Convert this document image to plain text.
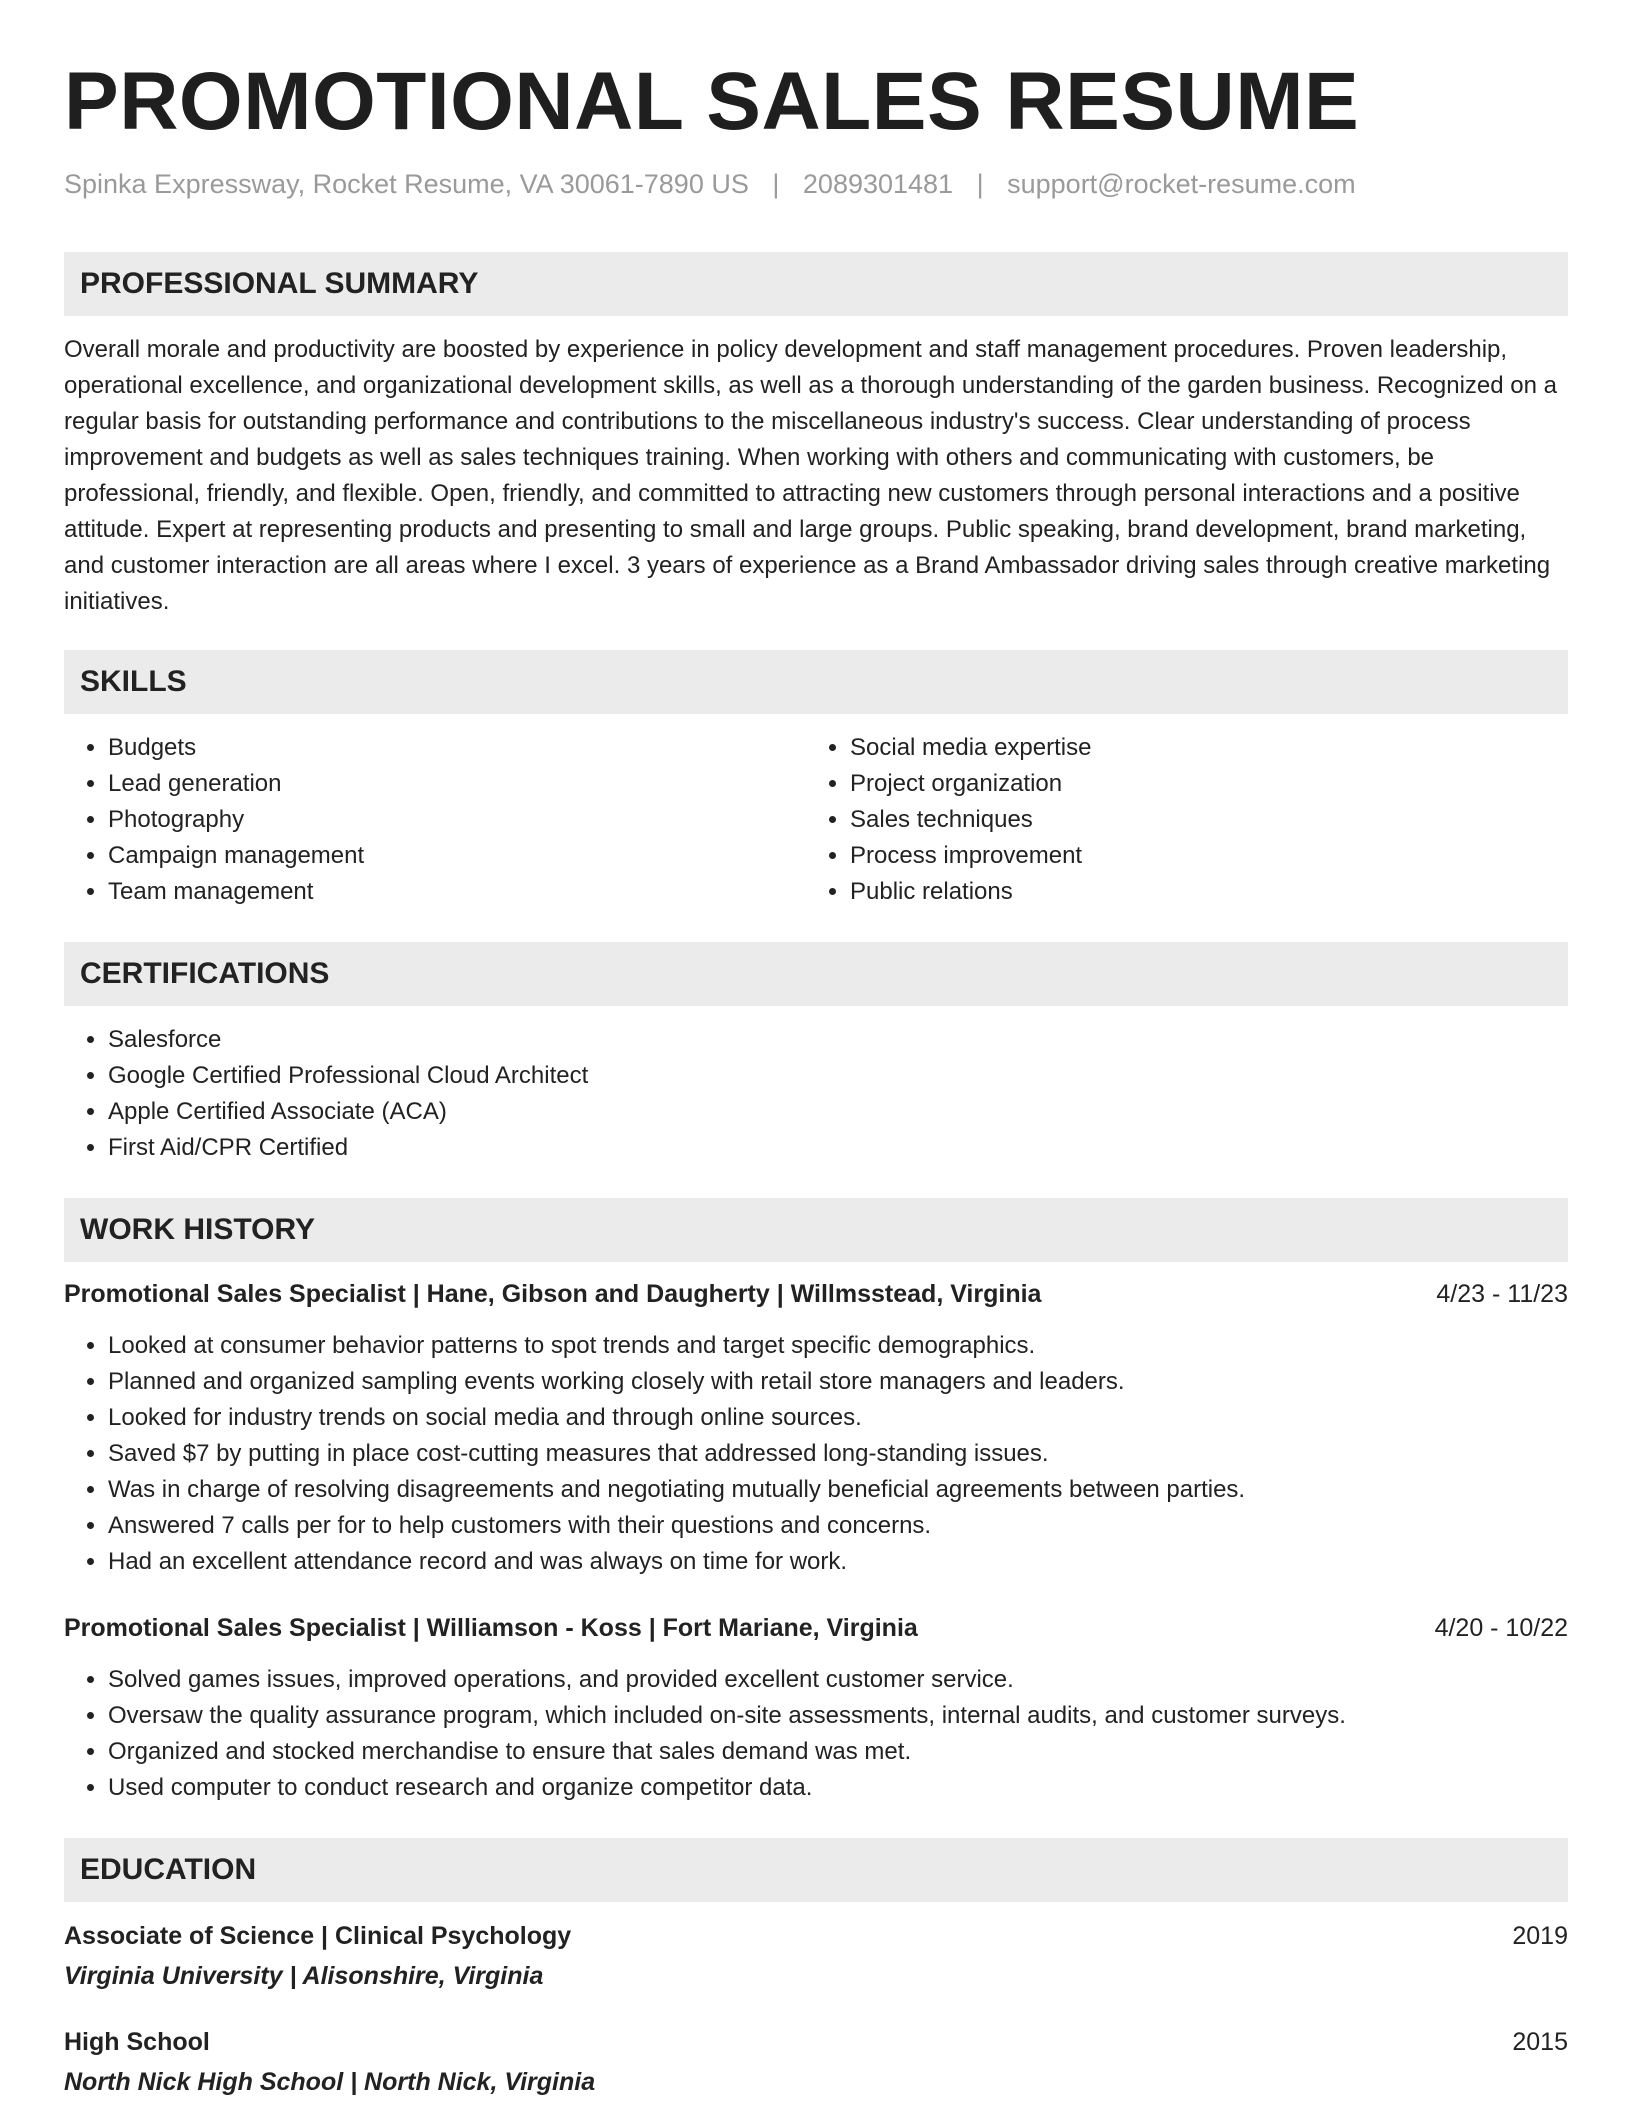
PROMOTIONAL SALES RESUME
Spinka Expressway, Rocket Resume, VA 30061-7890 US | 2089301481 | support@rocket-resume.com
PROFESSIONAL SUMMARY
Overall morale and productivity are boosted by experience in policy development and staff management procedures. Proven leadership, operational excellence, and organizational development skills, as well as a thorough understanding of the garden business. Recognized on a regular basis for outstanding performance and contributions to the miscellaneous industry's success. Clear understanding of process improvement and budgets as well as sales techniques training. When working with others and communicating with customers, be professional, friendly, and flexible. Open, friendly, and committed to attracting new customers through personal interactions and a positive attitude. Expert at representing products and presenting to small and large groups. Public speaking, brand development, brand marketing, and customer interaction are all areas where I excel. 3 years of experience as a Brand Ambassador driving sales through creative marketing initiatives.
SKILLS
• Budgets
• Lead generation
• Photography
• Campaign management
• Team management
• Social media expertise
• Project organization
• Sales techniques
• Process improvement
• Public relations
CERTIFICATIONS
• Salesforce
• Google Certified Professional Cloud Architect
• Apple Certified Associate (ACA)
• First Aid/CPR Certified
WORK HISTORY
Promotional Sales Specialist | Hane, Gibson and Daugherty | Willmsstead, Virginia	4/23 - 11/23
• Looked at consumer behavior patterns to spot trends and target specific demographics.
• Planned and organized sampling events working closely with retail store managers and leaders.
• Looked for industry trends on social media and through online sources.
• Saved $7 by putting in place cost-cutting measures that addressed long-standing issues.
• Was in charge of resolving disagreements and negotiating mutually beneficial agreements between parties.
• Answered 7 calls per for to help customers with their questions and concerns.
• Had an excellent attendance record and was always on time for work.
Promotional Sales Specialist | Williamson - Koss | Fort Mariane, Virginia	4/20 - 10/22
• Solved games issues, improved operations, and provided excellent customer service.
• Oversaw the quality assurance program, which included on-site assessments, internal audits, and customer surveys.
• Organized and stocked merchandise to ensure that sales demand was met.
• Used computer to conduct research and organize competitor data.
EDUCATION
Associate of Science | Clinical Psychology	2019
Virginia University | Alisonshire, Virginia
High School	2015
North Nick High School | North Nick, Virginia
